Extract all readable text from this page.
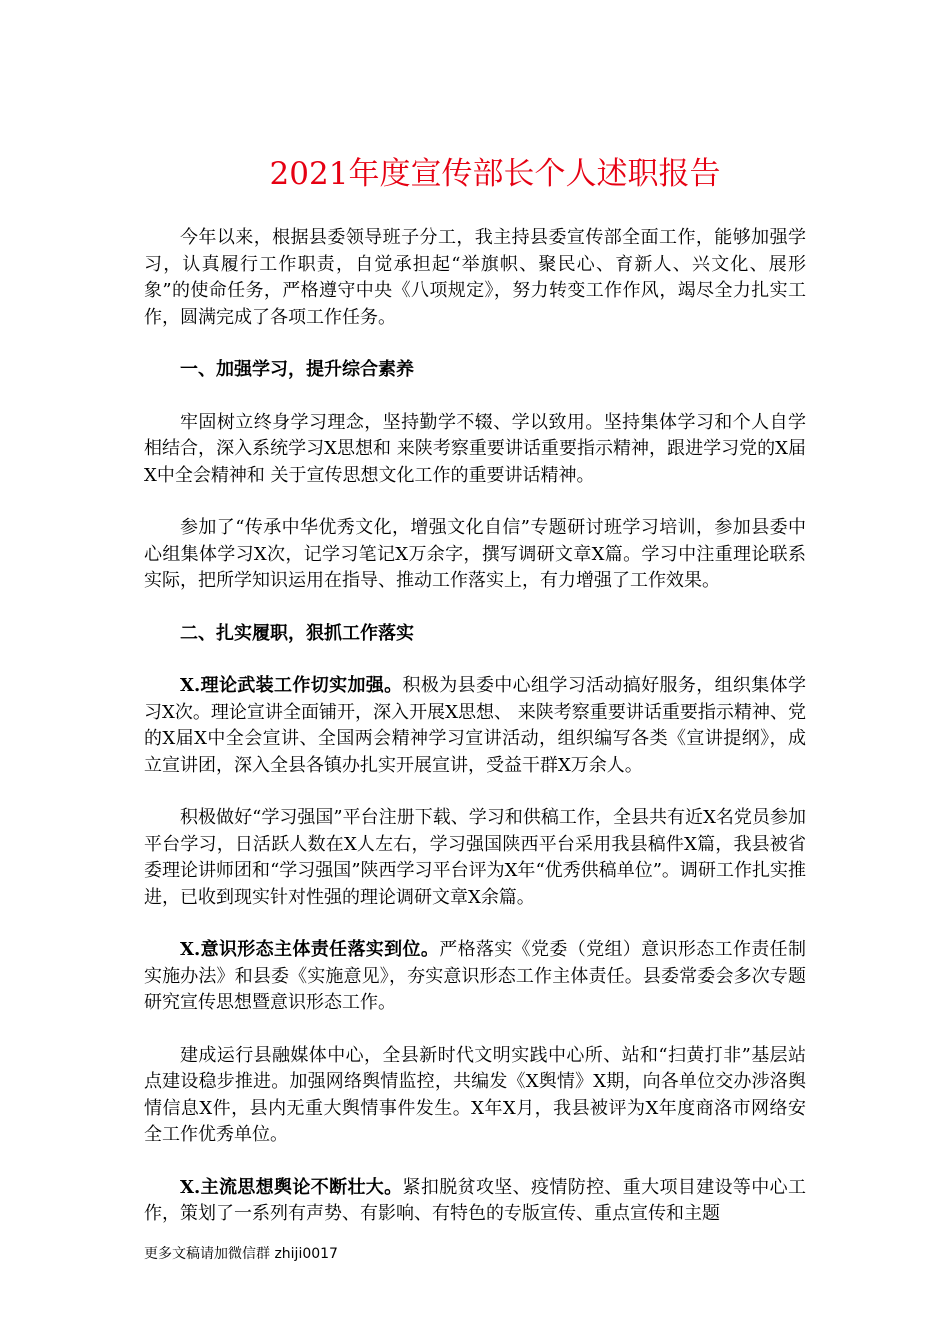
2021年度宣传部长个人述职报告

今年以来，根据县委领导班子分工，我主持县委宣传部全面工作，能够加强学习，认真履行工作职责，自觉承担起“举旗帜、聚民心、育新人、兴文化、展形象”的使命任务，严格遵守中央《八项规定》，努力转变工作作风，竭尽全力扎实工作，圆满完成了各项工作任务。

一、加强学习，提升综合素养

牢固树立终身学习理念，坚持勤学不辍、学以致用。坚持集体学习和个人自学相结合，深入系统学习X思想和 来陕考察重要讲话重要指示精神，跟进学习党的X届X中全会精神和 关于宣传思想文化工作的重要讲话精神。

参加了“传承中华优秀文化，增强文化自信”专题研讨班学习培训，参加县委中心组集体学习X次，记学习笔记X万余字，撰写调研文章X篇。学习中注重理论联系实际，把所学知识运用在指导、推动工作落实上，有力增强了工作效果。

二、扎实履职，狠抓工作落实

X.理论武装工作切实加强。积极为县委中心组学习活动搞好服务，组织集体学习X次。理论宣讲全面铺开，深入开展X思想、 来陕考察重要讲话重要指示精神、党的X届X中全会宣讲、全国两会精神学习宣讲活动，组织编写各类《宣讲提纲》，成立宣讲团，深入全县各镇办扎实开展宣讲，受益干群X万余人。

积极做好“学习强国”平台注册下载、学习和供稿工作，全县共有近X名党员参加平台学习，日活跃人数在X人左右，学习强国陕西平台采用我县稿件X篇，我县被省委理论讲师团和“学习强国”陕西学习平台评为X年“优秀供稿单位”。调研工作扎实推进，已收到现实针对性强的理论调研文章X余篇。

X.意识形态主体责任落实到位。严格落实《党委（党组）意识形态工作责任制实施办法》和县委《实施意见》，夯实意识形态工作主体责任。县委常委会多次专题研究宣传思想暨意识形态工作。

建成运行县融媒体中心，全县新时代文明实践中心所、站和“扫黄打非”基层站点建设稳步推进。加强网络舆情监控，共编发《X舆情》X期，向各单位交办涉洛舆情信息X件，县内无重大舆情事件发生。X年X月，我县被评为X年度商洛市网络安全工作优秀单位。

X.主流思想舆论不断壮大。紧扣脱贫攻坚、疫情防控、重大项目建设等中心工作，策划了一系列有声势、有影响、有特色的专版宣传、重点宣传和主题

更多文稿请加微信群 zhiji0017
